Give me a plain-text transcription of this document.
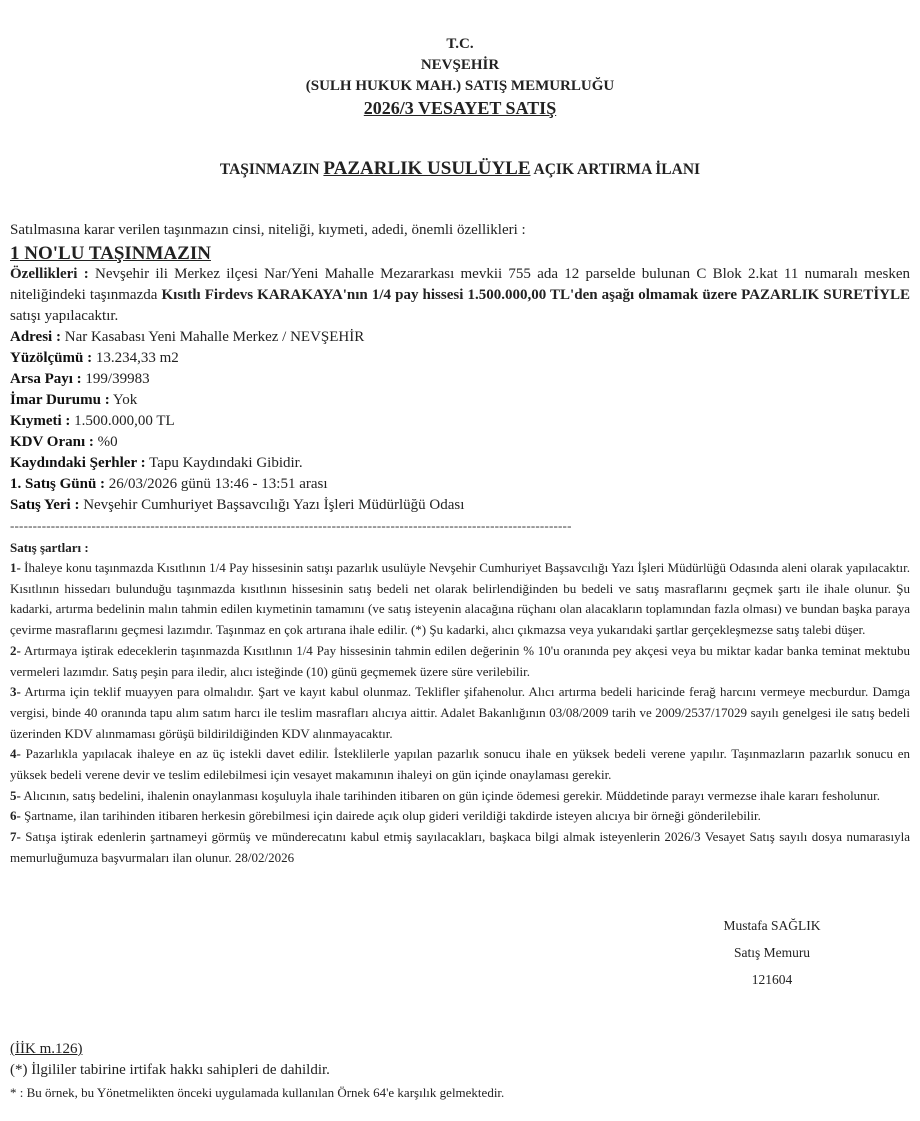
T.C.
NEVŞEHİR
(SULH HUKUK MAH.) SATIŞ MEMURLUĞU
2026/3 VESAYET SATIŞ
TAŞINMAZIN PAZARLIK USULÜYLE AÇIK ARTIRMA İLANI
Satılmasına karar verilen taşınmazın cinsi, niteliği, kıymeti, adedi, önemli özellikleri :
1 NO'LU TAŞINMAZIN
Özellikleri : Nevşehir ili Merkez ilçesi Nar/Yeni Mahalle Mezararkası mevkii 755 ada 12 parselde bulunan C Blok 2.kat 11 numaralı mesken niteliğindeki taşınmazda Kısıtlı Firdevs KARAKAYA'nın 1/4 pay hissesi 1.500.000,00 TL'den aşağı olmamak üzere PAZARLIK SURETİYLE satışı yapılacaktır.
Adresi : Nar Kasabası Yeni Mahalle Merkez / NEVŞEHİR
Yüzölçümü : 13.234,33 m2
Arsa Payı : 199/39983
İmar Durumu : Yok
Kıymeti : 1.500.000,00 TL
KDV Oranı : %0
Kaydındaki Şerhler : Tapu Kaydındaki Gibidir.
1. Satış Günü : 26/03/2026 günü 13:46 - 13:51 arası
Satış Yeri : Nevşehir Cumhuriyet Başsavcılığı Yazı İşleri Müdürlüğü Odası
----------------------------------------------------------------------------------------------------------------------------
Satış şartları :
1- İhaleye konu taşınmazda Kısıtlının 1/4 Pay hissesinin satışı pazarlık usulüyle Nevşehir Cumhuriyet Başsavcılığı Yazı İşleri Müdürlüğü Odasında aleni olarak yapılacaktır. Kısıtlının hissedarı bulunduğu taşınmazda kısıtlının hissesinin satış bedeli net olarak belirlendiğinden bu bedeli ve satış masraflarını geçmek şartı ile ihale olunur. Şu kadarki, artırma bedelinin malın tahmin edilen kıymetinin tamamını (ve satış isteyenin alacağına rüçhanı olan alacakların toplamından fazla olması) ve bundan başka paraya çevirme masraflarını geçmesi lazımdır. Taşınmaz en çok artırana ihale edilir. (*) Şu kadarki, alıcı çıkmazsa veya yukarıdaki şartlar gerçekleşmezse satış talebi düşer.
2- Artırmaya iştirak edeceklerin taşınmazda Kısıtlının 1/4 Pay hissesinin tahmin edilen değerinin % 10'u oranında pey akçesi veya bu miktar kadar banka teminat mektubu vermeleri lazımdır. Satış peşin para iledir, alıcı isteğinde (10) günü geçmemek üzere süre verilebilir.
3- Artırma için teklif muayyen para olmalıdır. Şart ve kayıt kabul olunmaz. Teklifler şifahenolur. Alıcı artırma bedeli haricinde ferağ harcını vermeye mecburdur. Damga vergisi, binde 40 oranında tapu alım satım harcı ile teslim masrafları alıcıya aittir. Adalet Bakanlığının 03/08/2009 tarih ve 2009/2537/17029 sayılı genelgesi ile satış bedeli üzerinden KDV alınmaması görüşü bildirildiğinden KDV alınmayacaktır.
4- Pazarlıkla yapılacak ihaleye en az üç istekli davet edilir. İsteklilerle yapılan pazarlık sonucu ihale en yüksek bedeli verene yapılır. Taşınmazların pazarlık sonucu en yüksek bedeli verene devir ve teslim edilebilmesi için vesayet makamının ihaleyi on gün içinde onaylaması gerekir.
5- Alıcının, satış bedelini, ihalenin onaylanması koşuluyla ihale tarihinden itibaren on gün içinde ödemesi gerekir. Müddetinde parayı vermezse ihale kararı fesholunur.
6- Şartname, ilan tarihinden itibaren herkesin görebilmesi için dairede açık olup gideri verildiği takdirde isteyen alıcıya bir örneği gönderilebilir.
7- Satışa iştirak edenlerin şartnameyi görmüş ve münderecatını kabul etmiş sayılacakları, başkaca bilgi almak isteyenlerin 2026/3 Vesayet Satış sayılı dosya numarasıyla memurluğumuza başvurmaları ilan olunur. 28/02/2026
Mustafa SAĞLIK
Satış Memuru
121604
(İİK m.126)
(*) İlgililer tabirine irtifak hakkı sahipleri de dahildir.
* : Bu örnek, bu Yönetmelikten önceki uygulamada kullanılan Örnek 64'e karşılık gelmektedir.
